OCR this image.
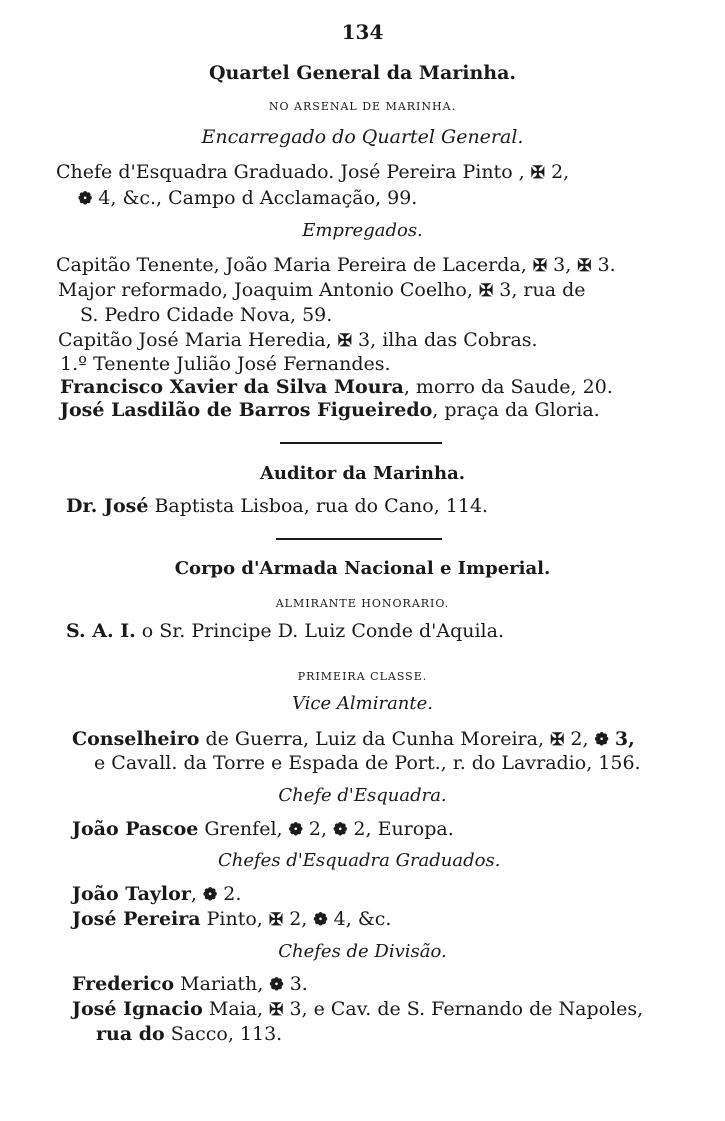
134
Quartel General da Marinha.
NO ARSENAL DE MARINHA.
Encarregado do Quartel General.
Chefe d'Esquadra Graduado. José Pereira Pinto , ✠ 2,
❁ 4, &c., Campo d Acclamação, 99.
Empregados.
Capitão Tenente, João Maria Pereira de Lacerda, ✠ 3, ✠ 3.
Major reformado, Joaquim Antonio Coelho, ✠ 3, rua de
S. Pedro Cidade Nova, 59.
Capitão José Maria Heredia, ✠ 3, ilha das Cobras.
1.º Tenente Julião José Fernandes.
Francisco Xavier da Silva Moura, morro da Saude, 20.
José Lasdilão de Barros Figueiredo, praça da Gloria.
Auditor da Marinha.
Dr. José Baptista Lisboa, rua do Cano, 114.
Corpo d'Armada Nacional e Imperial.
ALMIRANTE HONORARIO.
S. A. I. o Sr. Principe D. Luiz Conde d'Aquila.
PRIMEIRA CLASSE.
Vice Almirante.
Conselheiro de Guerra, Luiz da Cunha Moreira, ✠ 2, ❁ 3,
e Cavall. da Torre e Espada de Port., r. do Lavradio, 156.
Chefe d'Esquadra.
João Pascoe Grenfel, ❁ 2, ❁ 2, Europa.
Chefes d'Esquadra Graduados.
João Taylor, ❁ 2.
José Pereira Pinto, ✠ 2, ❁ 4, &c.
Chefes de Divisão.
Frederico Mariath, ❁ 3.
José Ignacio Maia, ✠ 3, e Cav. de S. Fernando de Napoles,
rua do Sacco, 113.
